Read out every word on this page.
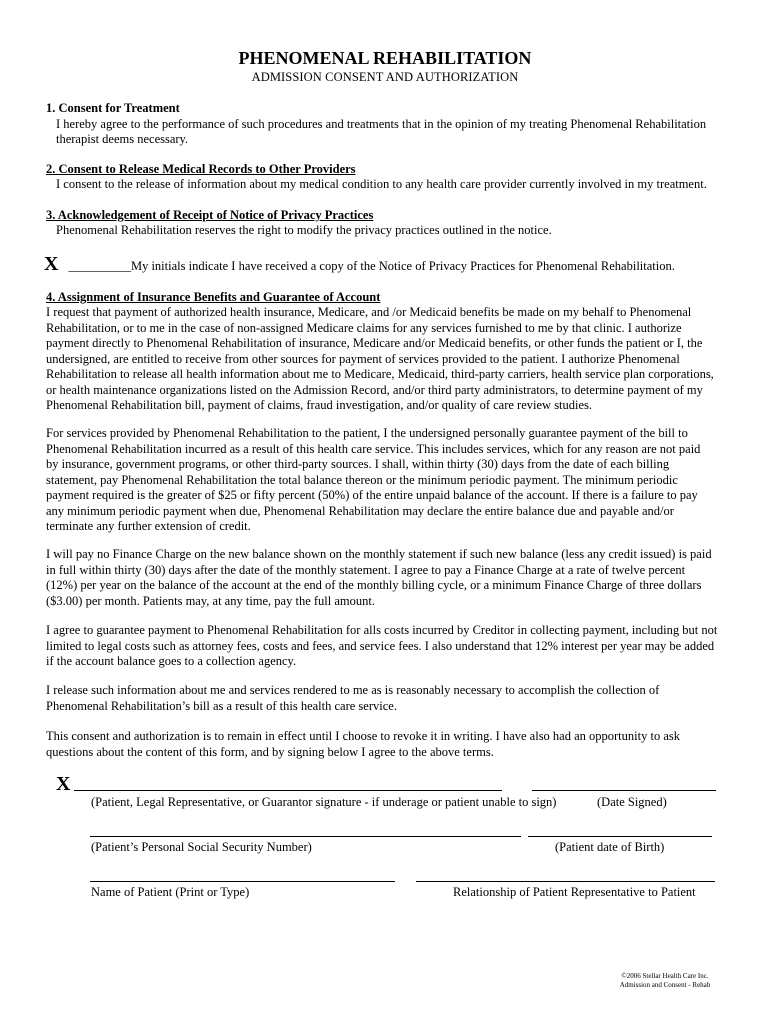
PHENOMENAL REHABILITATION
ADMISSION CONSENT AND AUTHORIZATION
1. Consent for Treatment
I hereby agree to the performance of such procedures and treatments that in the opinion of my treating Phenomenal Rehabilitation
therapist deems necessary.
2. Consent to Release Medical Records to Other Providers
I consent to the release of information about my medical condition to any health care provider currently involved in my treatment.
3. Acknowledgement of Receipt of Notice of Privacy Practices
Phenomenal Rehabilitation reserves the right to modify the privacy practices outlined in the notice.
X __________My initials indicate I have received a copy of the Notice of Privacy Practices for Phenomenal Rehabilitation.
4. Assignment of Insurance Benefits and Guarantee of Account
I request that payment of authorized health insurance, Medicare, and /or Medicaid benefits be made on my behalf to Phenomenal
Rehabilitation, or to me in the case of non-assigned Medicare claims for any services furnished to me by that clinic. I authorize
payment directly to Phenomenal Rehabilitation of insurance, Medicare and/or Medicaid benefits, or other funds the patient or I, the
undersigned, are entitled to receive from other sources for payment of services provided to the patient. I authorize Phenomenal
Rehabilitation to release all health information about me to Medicare, Medicaid, third-party carriers, health service plan corporations,
or health maintenance organizations listed on the Admission Record, and/or third party administrators, to determine payment of my
Phenomenal Rehabilitation bill, payment of claims, fraud investigation, and/or quality of care review studies.
For services provided by Phenomenal Rehabilitation to the patient, I the undersigned personally guarantee payment of the bill to
Phenomenal Rehabilitation incurred as a result of this health care service. This includes services, which for any reason are not paid
by insurance, government programs, or other third-party sources. I shall, within thirty (30) days from the date of each billing
statement, pay Phenomenal Rehabilitation the total balance thereon or the minimum periodic payment. The minimum periodic
payment required is the greater of $25 or fifty percent (50%) of the entire unpaid balance of the account. If there is a failure to pay
any minimum periodic payment when due, Phenomenal Rehabilitation may declare the entire balance due and payable and/or
terminate any further extension of credit.
I will pay no Finance Charge on the new balance shown on the monthly statement if such new balance (less any credit issued) is paid
in full within thirty (30) days after the date of the monthly statement. I agree to pay a Finance Charge at a rate of twelve percent
(12%) per year on the balance of the account at the end of the monthly billing cycle, or a minimum Finance Charge of three dollars
($3.00) per month. Patients may, at any time, pay the full amount.
I agree to guarantee payment to Phenomenal Rehabilitation for alls costs incurred by Creditor in collecting payment, including but not
limited to legal costs such as attorney fees, costs and fees, and service fees. I also understand that 12% interest per year may be added
if the account balance goes to a collection agency.
I release such information about me and services rendered to me as is reasonably necessary to accomplish the collection of
Phenomenal Rehabilitation’s bill as a result of this health care service.
This consent and authorization is to remain in effect until I choose to revoke it in writing. I have also had an opportunity to ask
questions about the content of this form, and by signing below I agree to the above terms.
X
(Patient, Legal Representative, or Guarantor signature - if underage or patient unable to sign)	(Date Signed)
(Patient’s Personal Social Security Number)	(Patient date of Birth)
Name of Patient (Print or Type)	Relationship of Patient Representative to Patient
©2006 Stellar Health Care Inc.
Admission and Consent - Rehab
